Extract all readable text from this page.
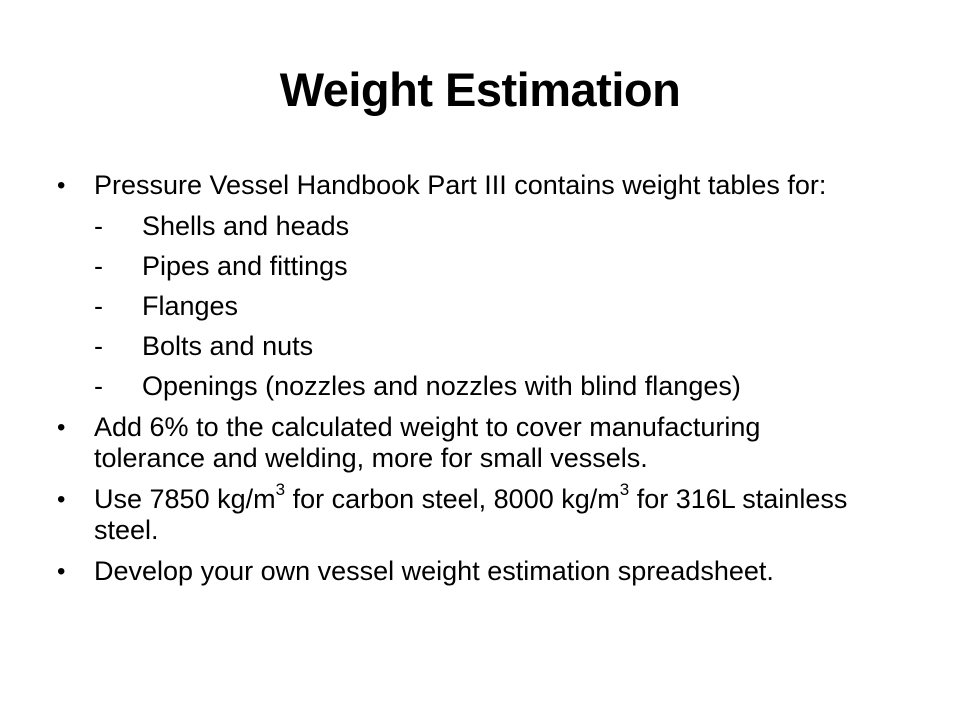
Weight Estimation
•	Pressure Vessel Handbook Part III contains weight tables for:
- Shells and heads
- Pipes and fittings
- Flanges
- Bolts and nuts
- Openings (nozzles and nozzles with blind flanges)
•	Add 6% to the calculated weight to cover manufacturing tolerance and welding, more for small vessels.
•	Use 7850 $kg/m^3$ for carbon steel, 8000 $kg/m^3$ for 316L stainless steel.
•	Develop your own vessel weight estimation spreadsheet.
